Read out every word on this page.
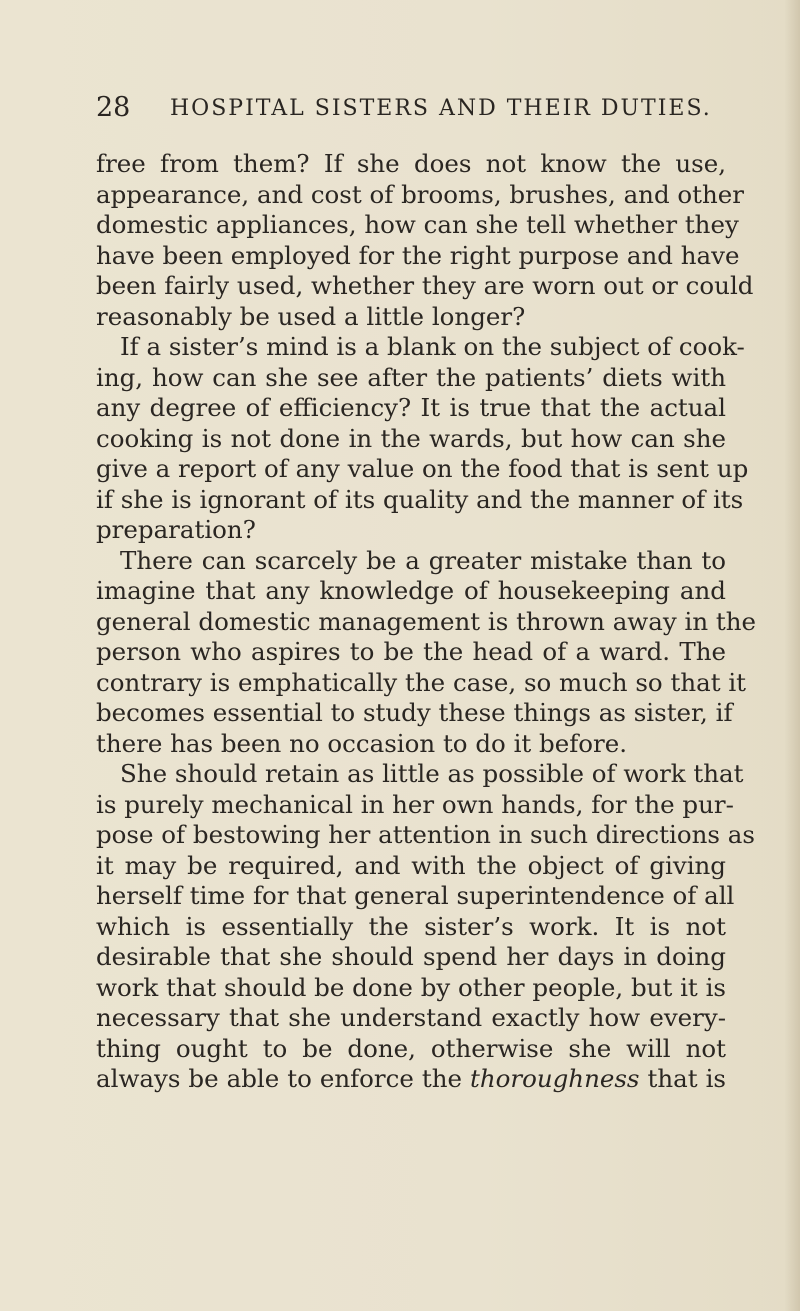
28 HOSPITAL SISTERS AND THEIR DUTIES.
free from them? If she does not know the use,
appearance, and cost of brooms, brushes, and other
domestic appliances, how can she tell whether they
have been employed for the right purpose and have
been fairly used, whether they are worn out or could
reasonably be used a little longer?
If a sister’s mind is a blank on the subject of cook-
ing, how can she see after the patients’ diets with
any degree of efficiency? It is true that the actual
cooking is not done in the wards, but how can she
give a report of any value on the food that is sent up
if she is ignorant of its quality and the manner of its
preparation?
There can scarcely be a greater mistake than to
imagine that any knowledge of housekeeping and
general domestic management is thrown away in the
person who aspires to be the head of a ward. The
contrary is emphatically the case, so much so that it
becomes essential to study these things as sister, if
there has been no occasion to do it before.
She should retain as little as possible of work that
is purely mechanical in her own hands, for the pur-
pose of bestowing her attention in such directions as
it may be required, and with the object of giving
herself time for that general superintendence of all
which is essentially the sister’s work. It is not
desirable that she should spend her days in doing
work that should be done by other people, but it is
necessary that she understand exactly how every-
thing ought to be done, otherwise she will not
always be able to enforce the thoroughness that is
